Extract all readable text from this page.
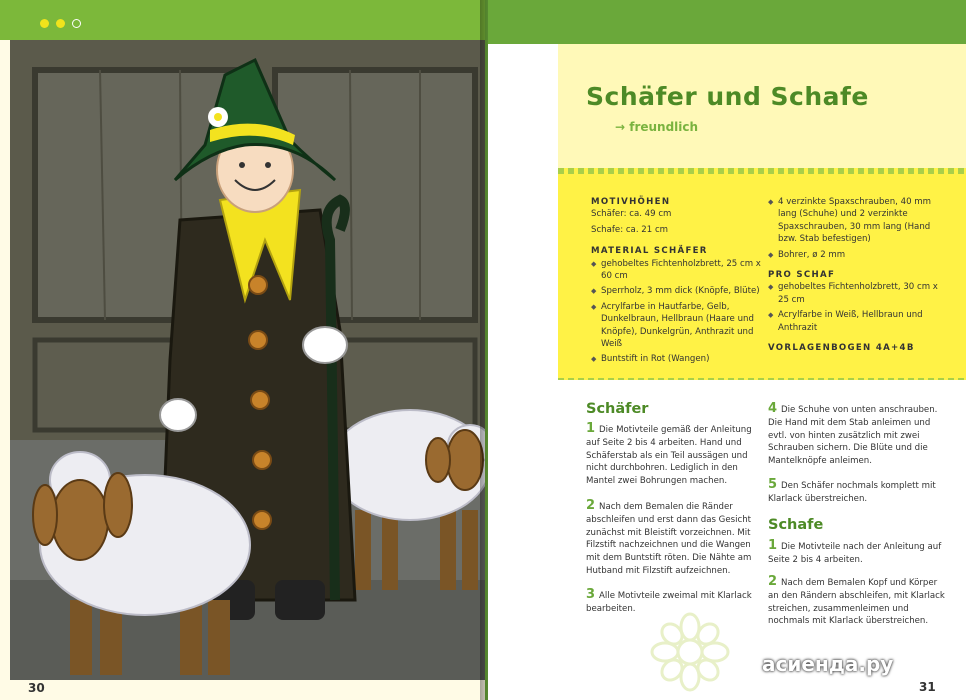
30
Schäfer und Schafe
→ freundlich
MOTIVHÖHEN
Schäfer: ca. 49 cm
Schafe: ca. 21 cm
MATERIAL SCHÄFER
◆ gehobeltes Fichtenholzbrett, 25 cm x 60 cm
◆ Sperrholz, 3 mm dick (Knöpfe, Blüte)
◆ Acrylfarbe in Hautfarbe, Gelb, Dunkelbraun, Hellbraun (Haare und Knöpfe), Dunkelgrün, Anthrazit und Weiß
◆ Buntstift in Rot (Wangen)
◆ 4 verzinkte Spaxschrauben, 40 mm lang (Schuhe) und 2 verzinkte Spaxschrauben, 30 mm lang (Hand bzw. Stab befestigen)
◆ Bohrer, ø 2 mm
PRO SCHAF
◆ gehobeltes Fichtenholzbrett, 30 cm x 25 cm
◆ Acrylfarbe in Weiß, Hellbraun und Anthrazit
VORLAGENBOGEN 4A+4B
Schäfer
1 Die Motivteile gemäß der Anleitung auf Seite 2 bis 4 arbeiten. Hand und Schäferstab als ein Teil aussägen und nicht durchbohren. Lediglich in den Mantel zwei Bohrungen machen.
2 Nach dem Bemalen die Ränder abschleifen und erst dann das Gesicht zunächst mit Bleistift vorzeichnen. Mit Filzstift nachzeichnen und die Wangen mit dem Buntstift röten. Die Nähte am Hutband mit Filzstift aufzeichnen.
3 Alle Motivteile zweimal mit Klarlack bearbeiten.
4 Die Schuhe von unten anschrauben. Die Hand mit dem Stab anleimen und evtl. von hinten zusätzlich mit zwei Schrauben sichern. Die Blüte und die Mantelknöpfe anleimen.
5 Den Schäfer nochmals komplett mit Klarlack überstreichen.
Schafe
1 Die Motivteile nach der Anleitung auf Seite 2 bis 4 arbeiten.
2 Nach dem Bemalen Kopf und Körper an den Rändern abschleifen, mit Klarlack streichen, zusammenleimen und nochmals mit Klarlack überstreichen.
асиенда.ру
31
